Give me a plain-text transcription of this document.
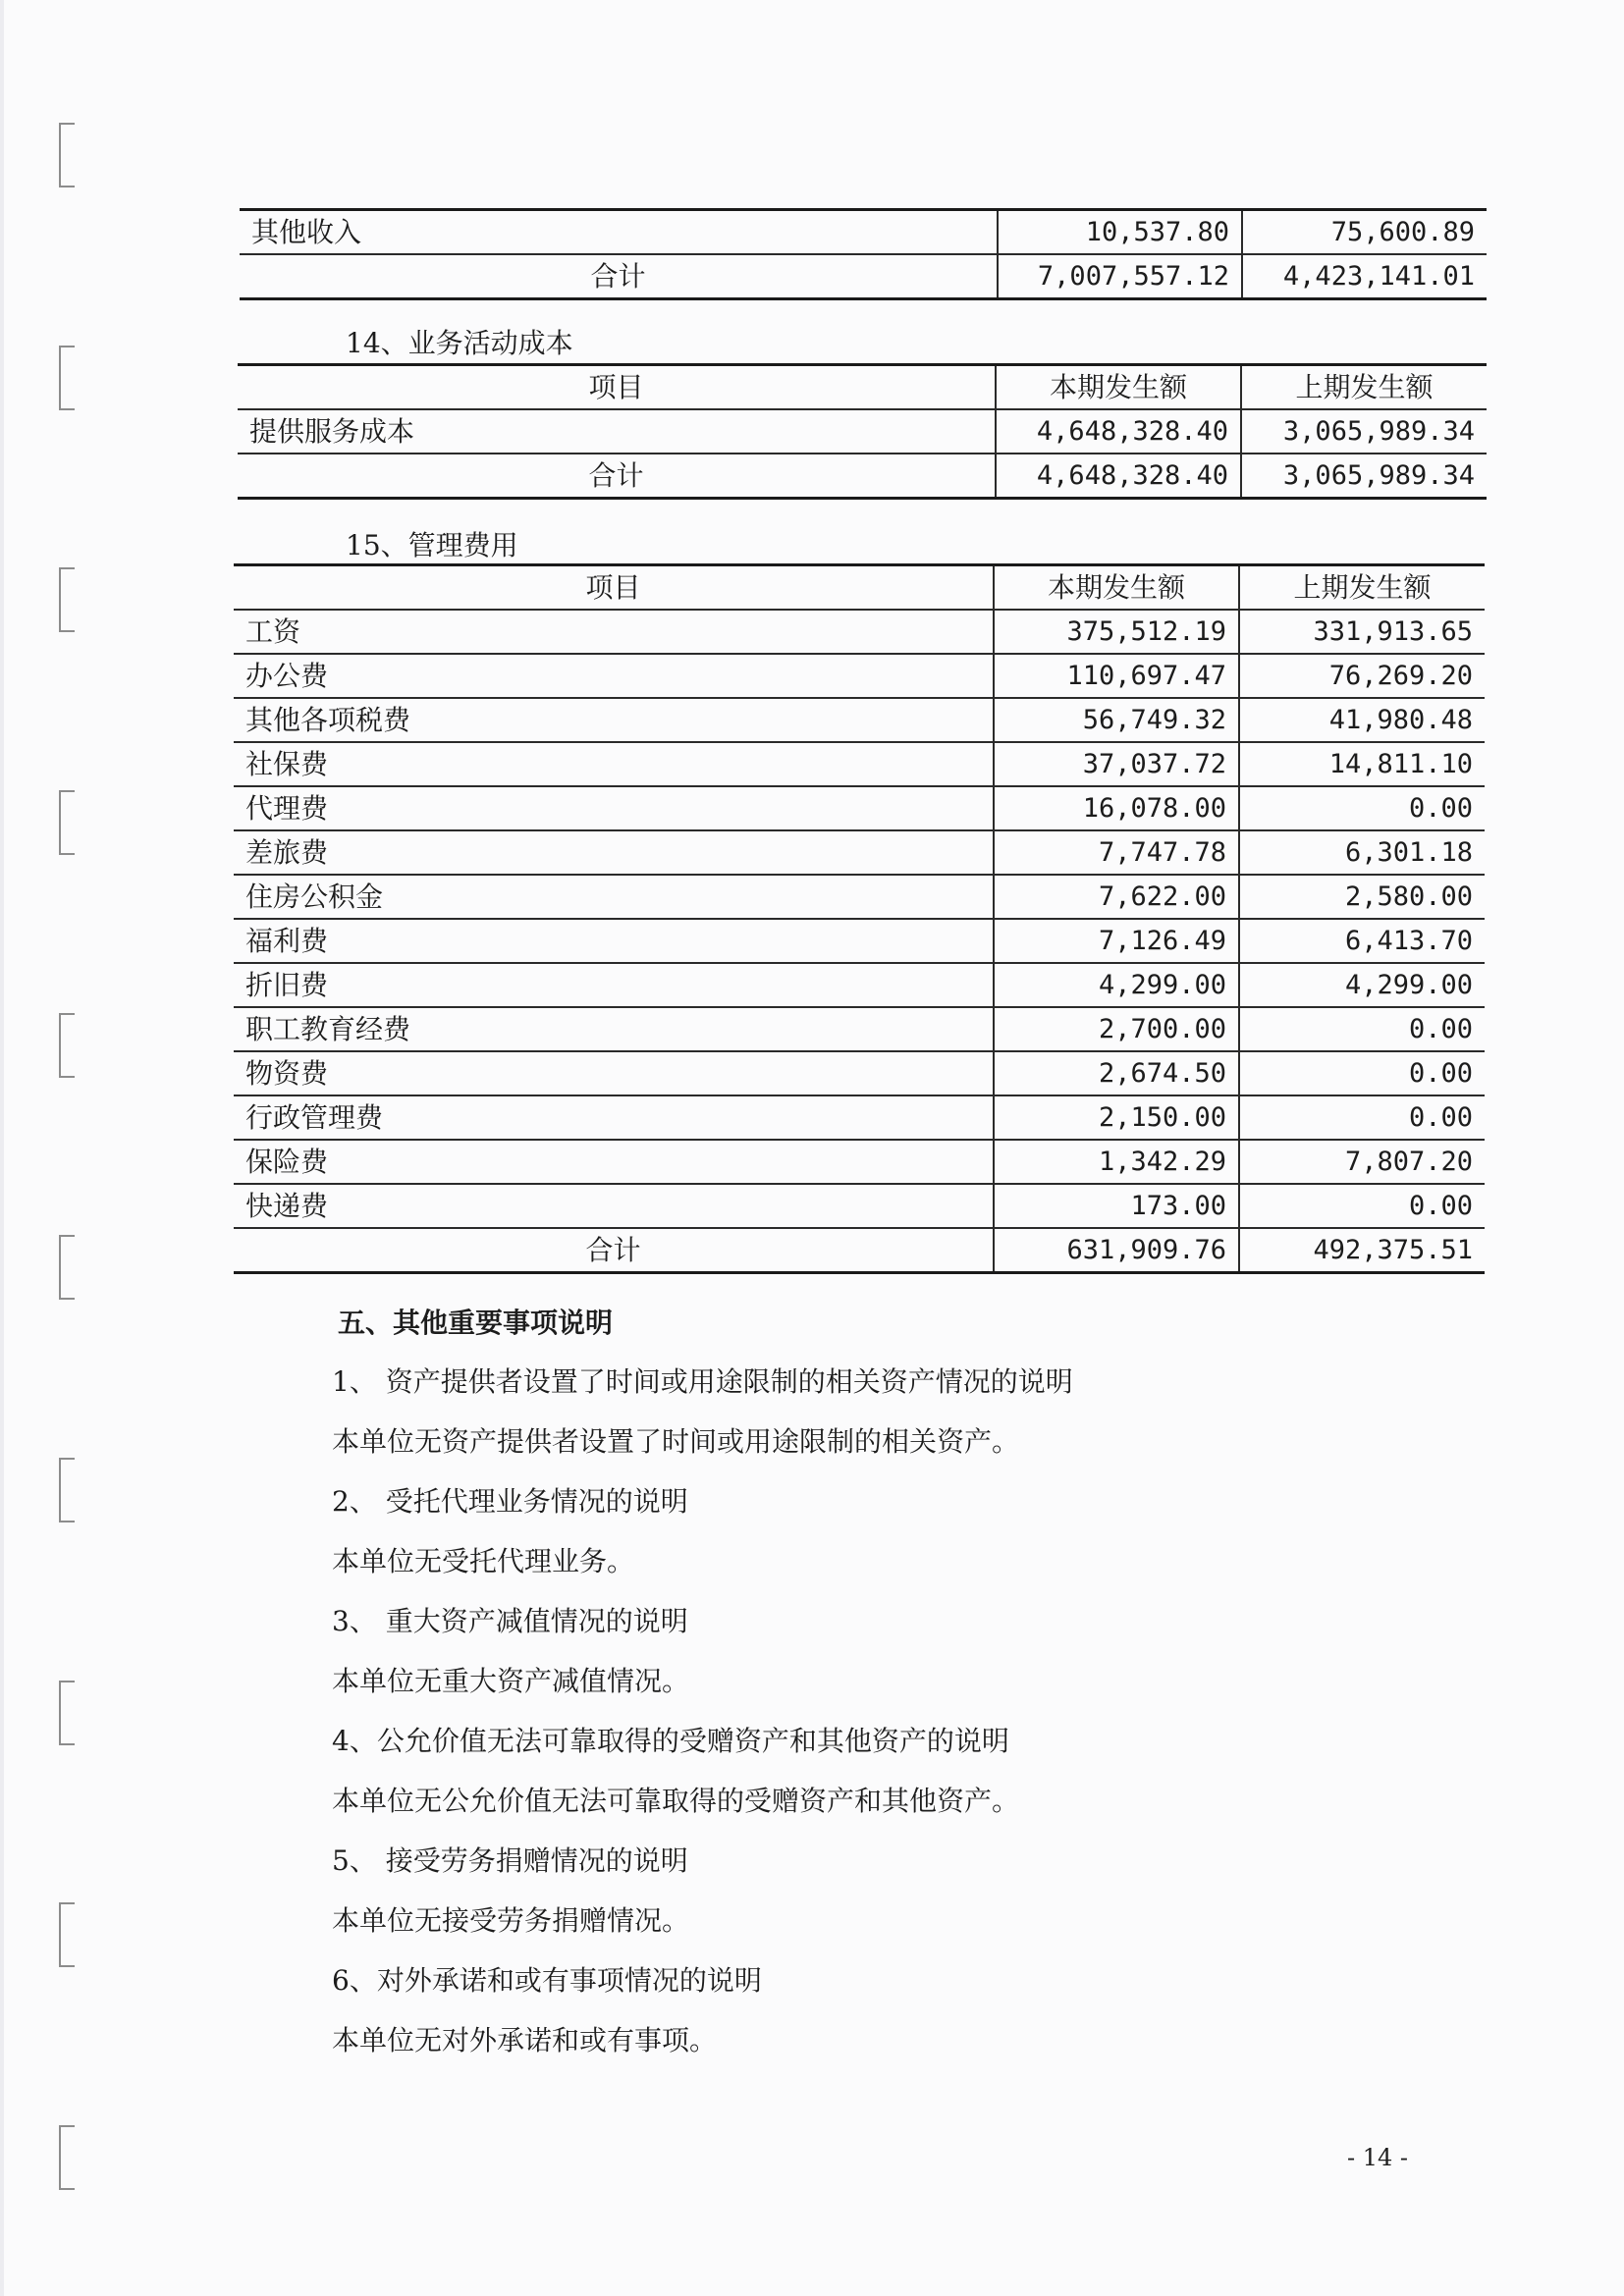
其他收入	10,537.80	75,600.89
合计	7,007,557.12	4,423,141.01
14、业务活动成本
项目	本期发生额	上期发生额
提供服务成本	4,648,328.40	3,065,989.34
合计	4,648,328.40	3,065,989.34
15、管理费用
项目	本期发生额	上期发生额
工资	375,512.19	331,913.65
办公费	110,697.47	76,269.20
其他各项税费	56,749.32	41,980.48
社保费	37,037.72	14,811.10
代理费	16,078.00	0.00
差旅费	7,747.78	6,301.18
住房公积金	7,622.00	2,580.00
福利费	7,126.49	6,413.70
折旧费	4,299.00	4,299.00
职工教育经费	2,700.00	0.00
物资费	2,674.50	0.00
行政管理费	2,150.00	0.00
保险费	1,342.29	7,807.20
快递费	173.00	0.00
合计	631,909.76	492,375.51
五、其他重要事项说明
1、 资产提供者设置了时间或用途限制的相关资产情况的说明
本单位无资产提供者设置了时间或用途限制的相关资产。
2、 受托代理业务情况的说明
本单位无受托代理业务。
3、 重大资产减值情况的说明
本单位无重大资产减值情况。
4、公允价值无法可靠取得的受赠资产和其他资产的说明
本单位无公允价值无法可靠取得的受赠资产和其他资产。
5、 接受劳务捐赠情况的说明
本单位无接受劳务捐赠情况。
6、对外承诺和或有事项情况的说明
本单位无对外承诺和或有事项。
- 14 -
